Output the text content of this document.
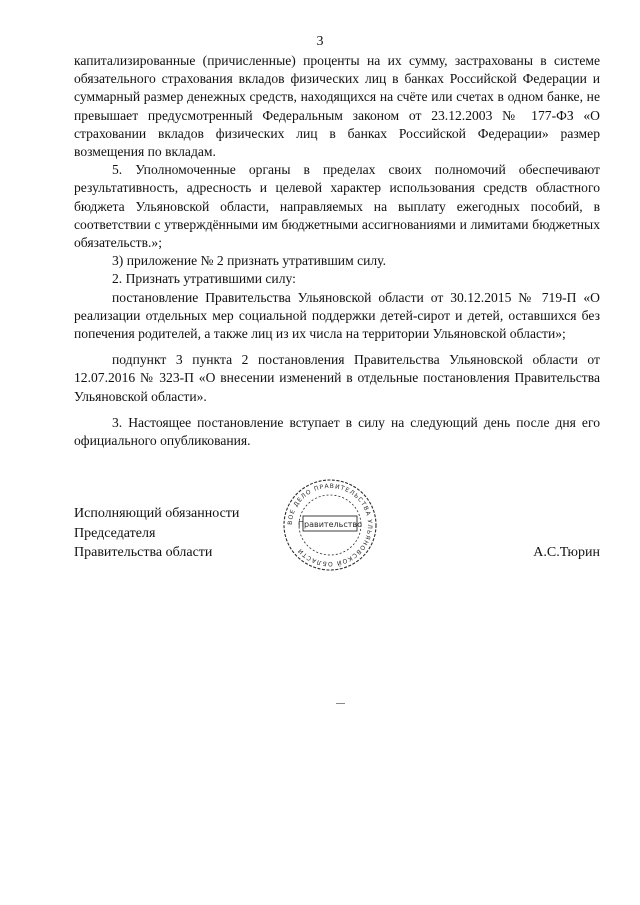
3

капитализированные (причисленные) проценты на их сумму, застрахованы в системе обязательного страхования вкладов физических лиц в банках Российской Федерации и суммарный размер денежных средств, находящихся на счёте или счетах в одном банке, не превышает предусмотренный Федеральным законом от 23.12.2003 № 177-ФЗ «О страховании вкладов физических лиц в банках Российской Федерации» размер возмещения по вкладам.

5. Уполномоченные органы в пределах своих полномочий обеспечивают результативность, адресность и целевой характер использования средств областного бюджета Ульяновской области, направляемых на выплату ежегодных пособий, в соответствии с утверждёнными им бюджетными ассигнованиями и лимитами бюджетных обязательств.»;

3) приложение № 2 признать утратившим силу.

2. Признать утратившими силу:

постановление Правительства Ульяновской области от 30.12.2015 № 719-П «О реализации отдельных мер социальной поддержки детей-сирот и детей, оставшихся без попечения родителей, а также лиц из их числа на территории Ульяновской области»;

подпункт 3 пункта 2 постановления Правительства Ульяновской области от 12.07.2016 № 323-П «О внесении изменений в отдельные постановления Правительства Ульяновской области».

3. Настоящее постановление вступает в силу на следующий день после дня его официального опубликования.

Исполняющий обязанности
Председателя
Правительства области	А.С.Тюрин
ВОЕ ДЕЛО ПРАВИТЕЛЬСТВА УЛЬЯНОВСКОЙ ОБЛАСТИ
Правительство
